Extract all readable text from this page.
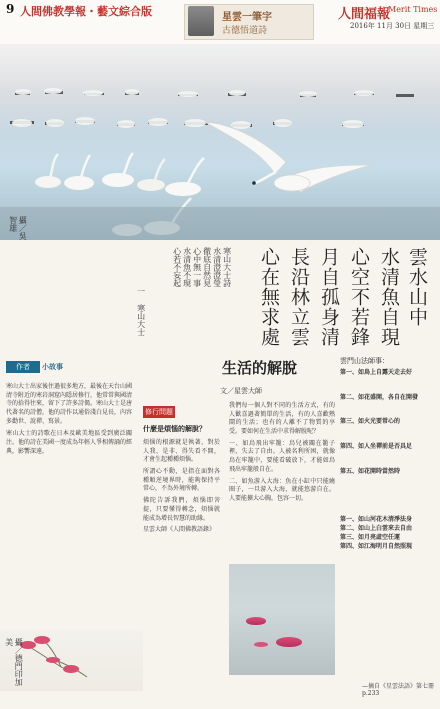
9 人間佛教學報・藝文綜合版	星雲一筆字
古德悟道詩
人間福報
Merit Times
2016年 11月 30日 星期三
攝／吳智雄
雲水山中
水清魚自現
心空不若鋒
月自孤身清
長沿林立雲
心在無求處
寒山大士詩
水清澄澄瑩
徹底自然見
心中無一事
水清魚不現
心若不妄起
一 寒山大士
作者	小故事
寒山大士出家後住過很多地方，最後在天台山國清寺附近的寒岩洞窟內隱居修行，他常常與國清寺的拾得往來，留下了許多詩偈。寒山大士是唐代著名的詩僧，他的詩作以通俗淺白見長，內容多勸世、說禪、寫景。
寒山大士的詩歌在日本及歐美地區受到廣泛關注。他的詩在美國一度成為年輕人爭相傳誦的經典，影響深遠。
攝／德門印加美
修行問題
什麼是煩惱的解脫？
煩惱的根源就是執著，對於人我、是非、得失看不開，才會生起種種煩惱。
所謂心不動，是指在面對各種順逆境界時，能夠保持平常心，不為外境所轉。
佛陀告訴我們，煩惱即菩提，只要懂得轉念，煩惱就能成為增長智慧的助緣。
星雲大師《人間佛教語錄》
生活的解脫
文／星雲大師
我們每一個人對不同的生活方式，有的人歡喜過著簡單的生活，有的人喜歡熱鬧的生活；也有的人離不了物質的享受。要如何在生活中求得解脫呢？
一、如鳥飛出牢籠：鳥兒被關在籠子裡，失去了自由。人被名利所困，就像鳥在牢籠中，要能看破放下，才能如鳥飛出牢籠般自在。
二、如魚游入大海：魚在小缸中只能繞圈子，一旦游入大海，就能悠游自在。人要能擴大心胸，包容一切。
雲門山法師事：
第一、如鳥上自露天走去好
第二、如花盛開，各自在開發
第三、如火光要常心的
第四、如人坐禪前是否具足
第五、如花開時當然時
第一、如山河花木清淨法身
第二、如山上白雲來去自由
第三、如月亮虛空任運
第四、如江海明月自然照現
—摘自《星雲法語》第七冊 p.233
